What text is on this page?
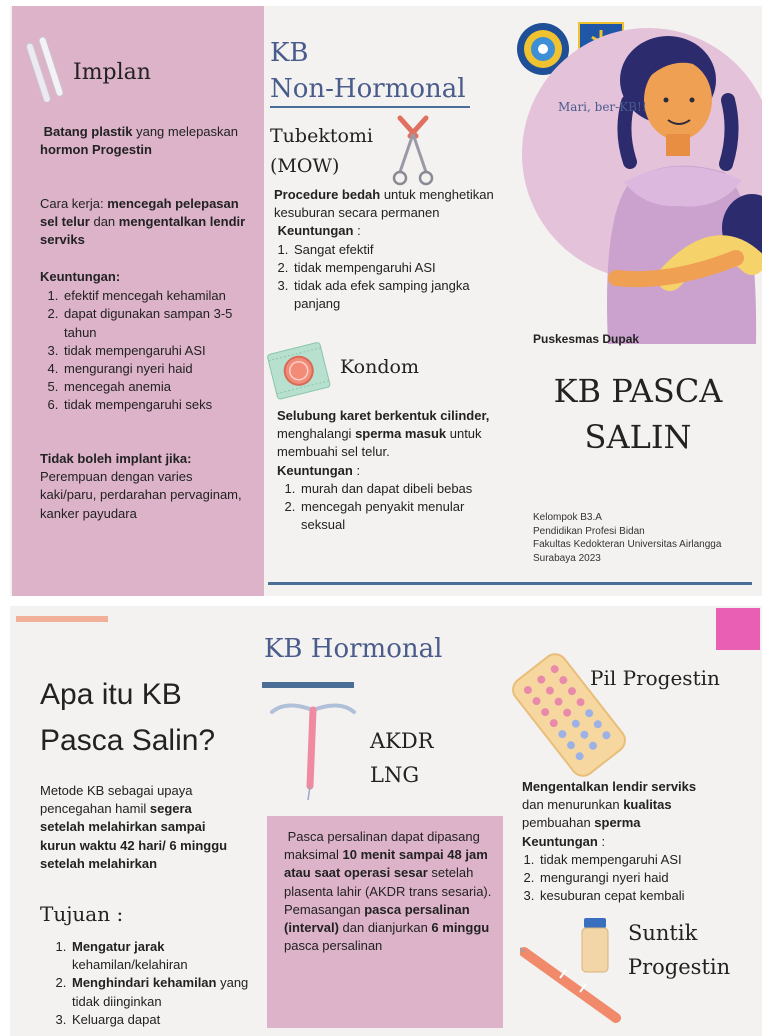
Implan
Batang plastik yang melepaskan hormon Progestin
Cara kerja: mencegah pelepasan sel telur dan mengentalkan lendir serviks
Keuntungan:
1. efektif mencegah kehamilan
2. dapat digunakan sampan 3-5 tahun
3. tidak mempengaruhi ASI
4. mengurangi nyeri haid
5. mencegah anemia
6. tidak mempengaruhi seks
Tidak boleh implant jika:
Perempuan dengan varies kaki/paru, perdarahan pervaginam, kanker payudara
KB
Non-Hormonal
Tubektomi
(MOW)
Procedure bedah untuk menghetikan kesuburan secara permanen
Keuntungan :
1. Sangat efektif
2. tidak mempengaruhi ASI
3. tidak ada efek samping jangka panjang
Kondom
Selubung karet berkentuk cilinder, menghalangi sperma masuk untuk membuahi sel telur.
Keuntungan :
1. murah dan dapat dibeli bebas
2. mencegah penyakit menular seksual
Mari, ber-KB!!
Puskesmas Dupak
KB PASCA
SALIN
Kelompok B3.A
Pendidikan Profesi Bidan
Fakultas Kedokteran Universitas Airlangga
Surabaya 2023
Apa itu KB
Pasca Salin?
Metode KB sebagai upaya pencegahan hamil segera setelah melahirkan sampai kurun waktu 42 hari/ 6 minggu setelah melahirkan
Tujuan :
1. Mengatur jarak kehamilan/kelahiran
2. Menghindari kehamilan yang tidak diinginkan
3. Keluarga dapat
KB Hormonal
AKDR
LNG
Pasca persalinan dapat dipasang maksimal 10 menit sampai 48 jam atau saat operasi sesar setelah plasenta lahir (AKDR trans sesaria).
Pemasangan pasca persalinan (interval) dan dianjurkan 6 minggu pasca persalinan
Pil Progestin
Mengentalkan lendir serviks
dan menurunkan kualitas pembuahan sperma
Keuntungan :
1. tidak mempengaruhi ASI
2. mengurangi nyeri haid
3. kesuburan cepat kembali
Suntik
Progestin
